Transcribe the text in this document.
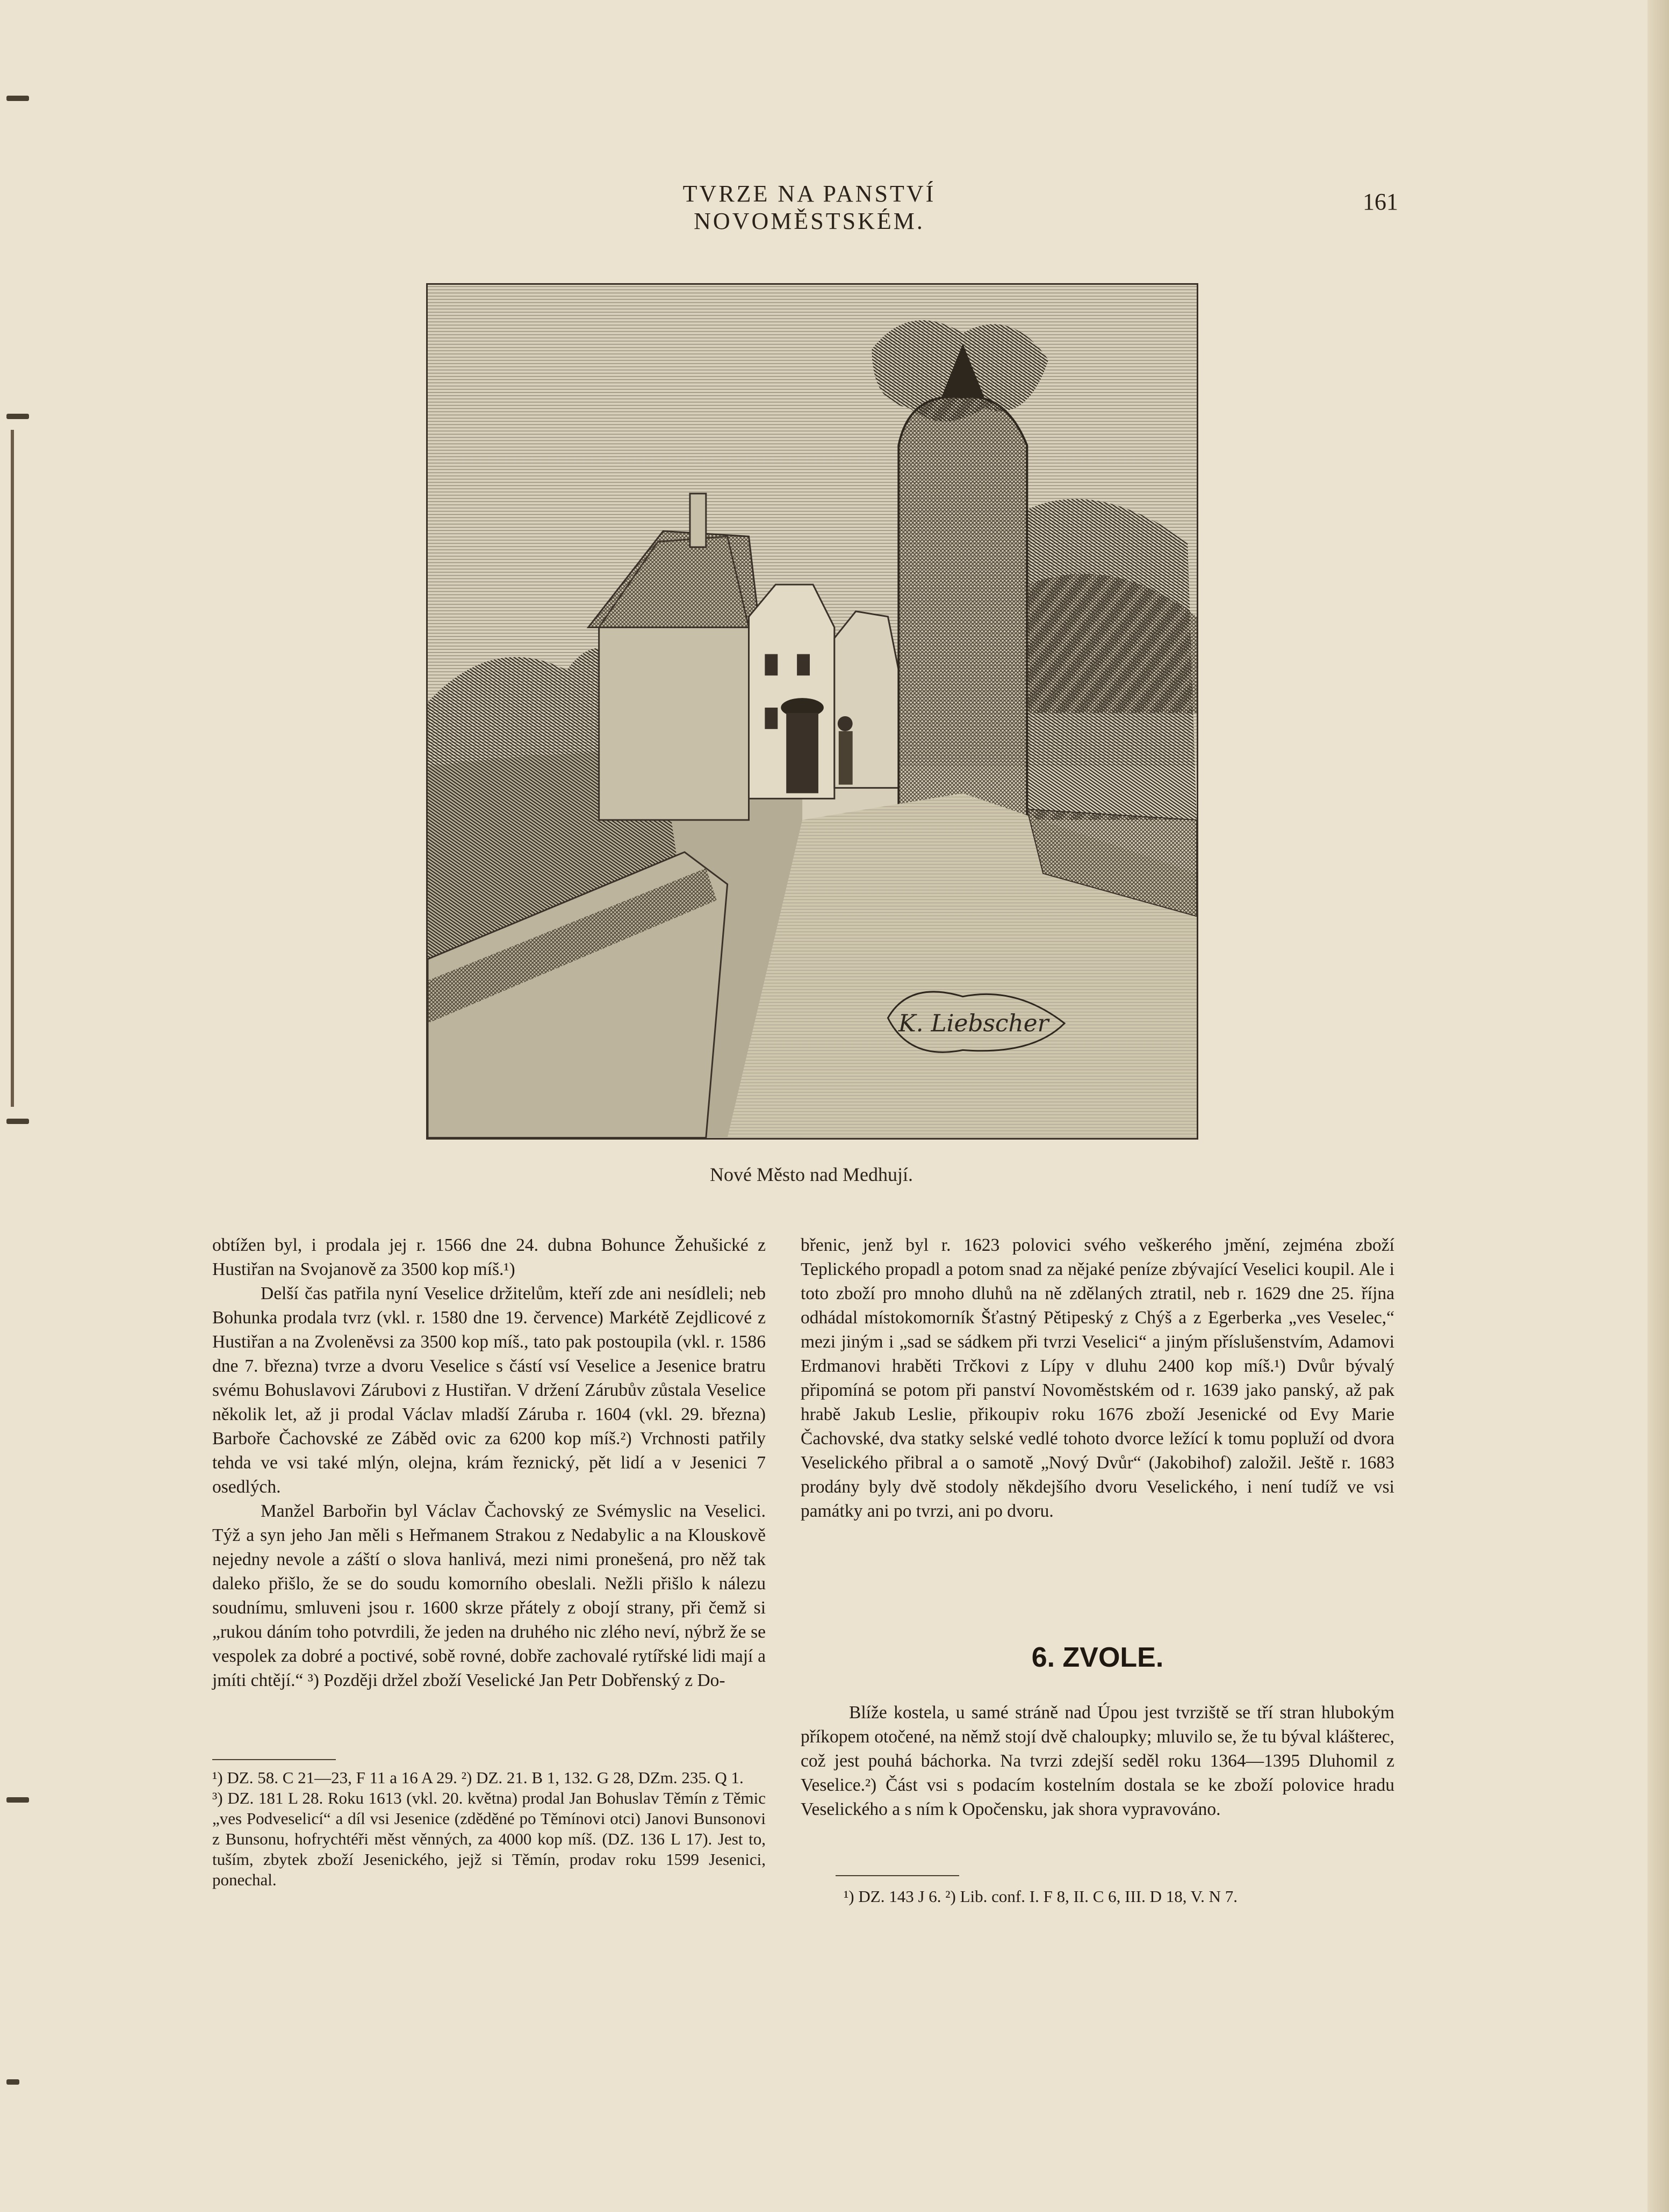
TVRZE NA PANSTVÍ NOVOMĚSTSKÉM.
161
K. Liebscher
Nové Město nad Medhují.

obtížen byl, i prodala jej r. 1566 dne 24. dubna Bohunce Žehušické z Hustiřan na Svojanově za 3500 kop míš.¹)

Delší čas patřila nyní Veselice držitelům, kteří zde ani nesídleli; neb Bohunka prodala tvrz (vkl. r. 1580 dne 19. července) Markétě Zejdlicové z Hustiřan a na Zvolenĕvsi za 3500 kop míš., tato pak postoupila (vkl. r. 1586 dne 7. března) tvrze a dvoru Veselice s částí vsí Veselice a Jesenice bratru svému Bohuslavovi Zárubovi z Hustiřan. V držení Zárubův zůstala Veselice několik let, až ji prodal Václav mladší Záruba r. 1604 (vkl. 29. března) Barboře Čachovské ze Záběd ovic za 6200 kop míš.²) Vrchnosti patřily tehda ve vsi také mlýn, olejna, krám řeznický, pět lidí a v Jesenici 7 osedlých.

Manžel Barbořin byl Václav Čachovský ze Svémyslic na Veselici. Týž a syn jeho Jan měli s Heřmanem Strakou z Nedabylic a na Klouskově nejedny nevole a záští o slova hanlivá, mezi nimi pronešená, pro něž tak daleko přišlo, že se do soudu komorního obeslali. Nežli přišlo k nálezu soudnímu, smluveni jsou r. 1600 skrze přátely z obojí strany, při čemž si „rukou dáním toho potvrdili, že jeden na druhého nic zlého neví, nýbrž že se vespolek za dobré a poctivé, sobě rovné, dobře zachovalé rytířské lidi mají a jmíti chtějí.“ ³) Později držel zboží Veselické Jan Petr Dobřenský z Do-

¹) DZ. 58. C 21—23, F 11 a 16 A 29. ²) DZ. 21. B 1, 132. G 28, DZm. 235. Q 1.

³) DZ. 181 L 28. Roku 1613 (vkl. 20. května) prodal Jan Bohuslav Těmín z Těmic „ves Podveselicí“ a díl vsi Jesenice (zděděné po Těmínovi otci) Janovi Bunsonovi z Bunsonu, hofrychtéři měst věnných, za 4000 kop míš. (DZ. 136 L 17). Jest to, tuším, zbytek zboží Jesenického, jejž si Těmín, prodav roku 1599 Jesenici, ponechal.

břenic, jenž byl r. 1623 polovici svého veškerého jmění, zejména zboží Teplického propadl a potom snad za nějaké peníze zbývající Veselici koupil. Ale i toto zboží pro mnoho dluhů na ně zdělaných ztratil, neb r. 1629 dne 25. října odhádal místokomorník Šťastný Pětipeský z Chýš a z Egerberka „ves Veselec,“ mezi jiným i „sad se sádkem při tvrzi Veselici“ a jiným příslušenstvím, Adamovi Erdmanovi hraběti Trčkovi z Lípy v dluhu 2400 kop míš.¹) Dvůr bývalý připomíná se potom při panství Novoměstském od r. 1639 jako panský, až pak hrabě Jakub Leslie, přikoupiv roku 1676 zboží Jesenické od Evy Marie Čachovské, dva statky selské vedlé tohoto dvorce ležící k tomu popluží od dvora Veselického přibral a o samotě „Nový Dvůr“ (Jakobihof) založil. Ještě r. 1683 prodány byly dvě stodoly někdejšího dvoru Veselického, i není tudíž ve vsi památky ani po tvrzi, ani po dvoru.

6. ZVOLE.

Blíže kostela, u samé stráně nad Úpou jest tvrziště se tří stran hlubokým příkopem otočené, na němž stojí dvě chaloupky; mluvilo se, že tu býval klášterec, což jest pouhá báchorka. Na tvrzi zdejší seděl roku 1364—1395 Dluhomil z Veselice.²) Část vsi s podacím kostelním dostala se ke zboží polovice hradu Veselického a s ním k Opočensku, jak shora vypravováno.

¹) DZ. 143 J 6. ²) Lib. conf. I. F 8, II. C 6, III. D 18, V. N 7.
